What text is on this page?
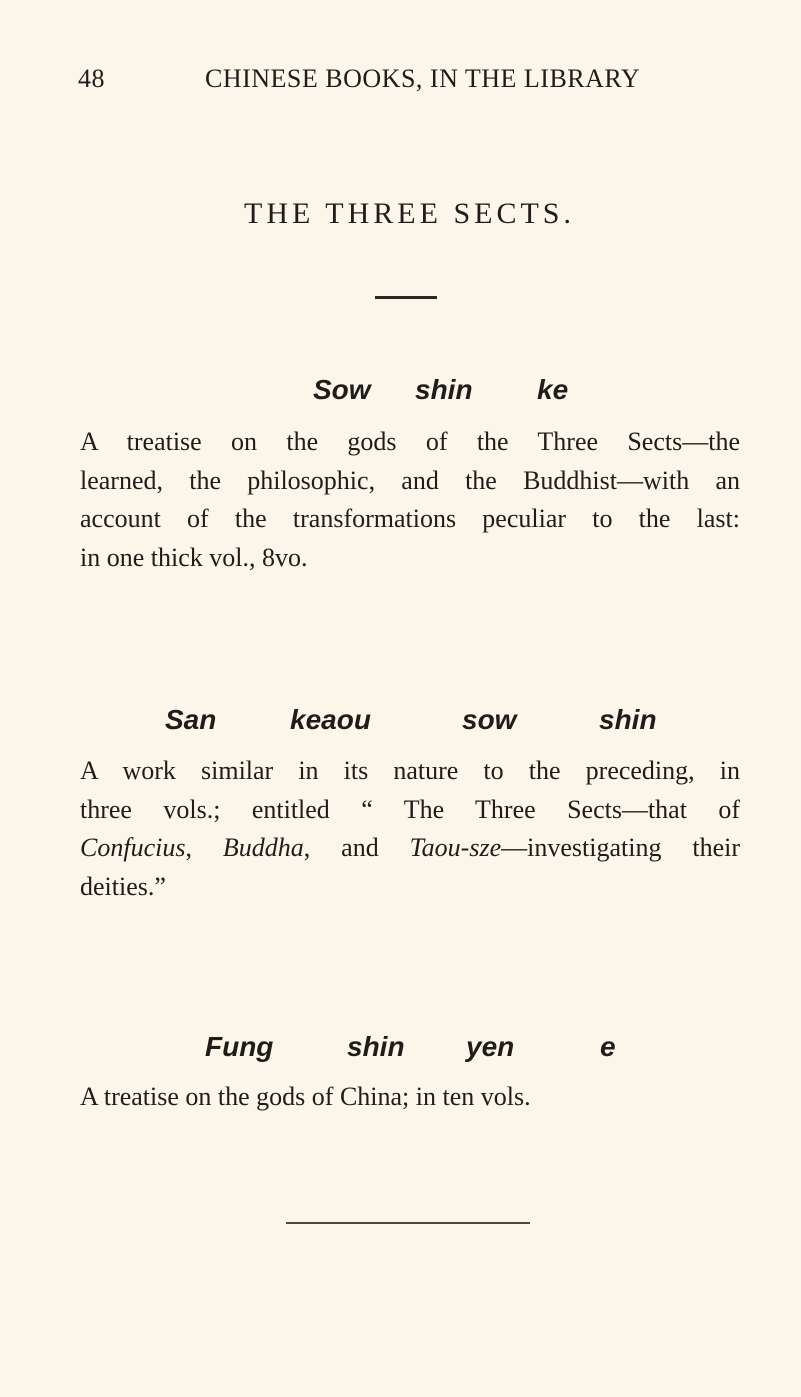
48	CHINESE BOOKS, IN THE LIBRARY
THE THREE SECTS.
Sow shin ke
A treatise on the gods of the Three Sects—the
learned, the philosophic, and the Buddhist—with an
account of the transformations peculiar to the last:
in one thick vol., 8vo.
San	keaou	sow	shin
A work similar in its nature to the preceding, in
three vols.; entitled “ The Three Sects—that of
Confucius, Buddha, and Taou-sze—investigating their
deities.”
Fung	shin yen	e
A treatise on the gods of China; in ten vols.
